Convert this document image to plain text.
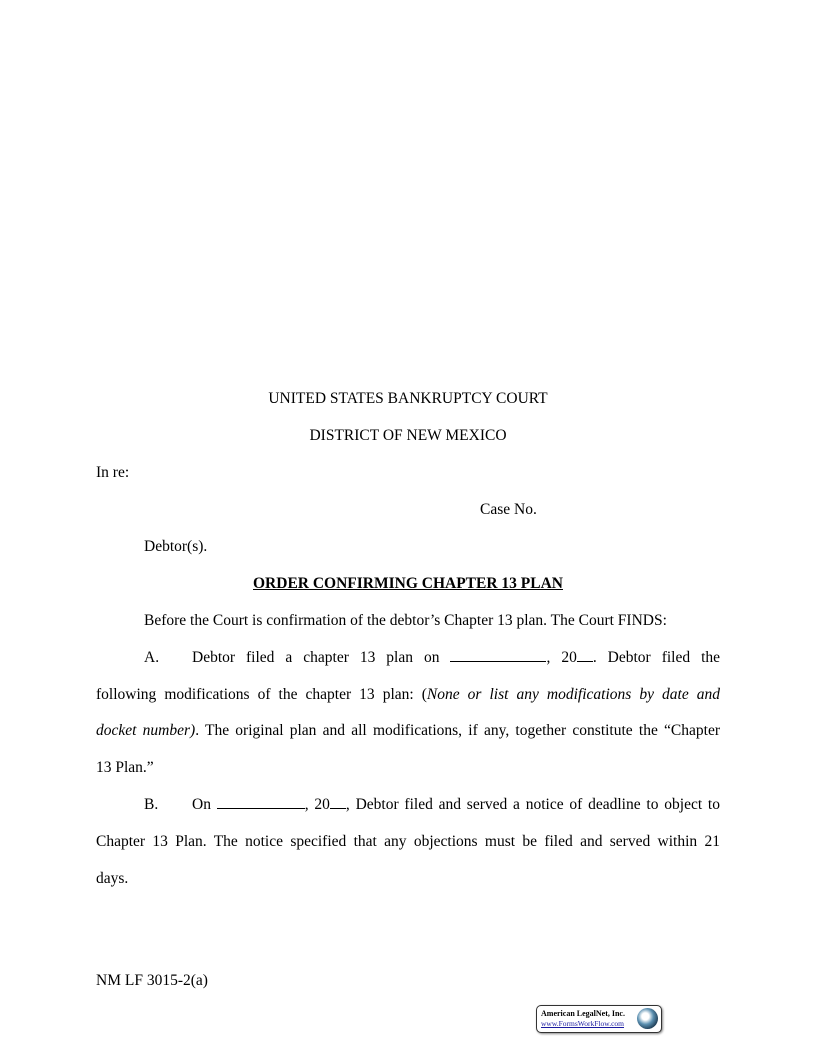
UNITED STATES BANKRUPTCY COURT
DISTRICT OF NEW MEXICO
In re:
Case No.
Debtor(s).
ORDER CONFIRMING CHAPTER 13 PLAN
Before the Court is confirmation of the debtor’s Chapter 13 plan. The Court FINDS:
A. Debtor filed a chapter 13 plan on	, 20 . Debtor filed the
following modifications of the chapter 13 plan: (None or list any modifications by date and
docket number). The original plan and all modifications, if any, together constitute the “Chapter
13 Plan.”
B. On	, 20 , Debtor filed and served a notice of deadline to object to
Chapter 13 Plan. The notice specified that any objections must be filed and served within 21
days.
NM LF 3015-2(a)
American LegalNet, Inc.
www.FormsWorkFlow.com
